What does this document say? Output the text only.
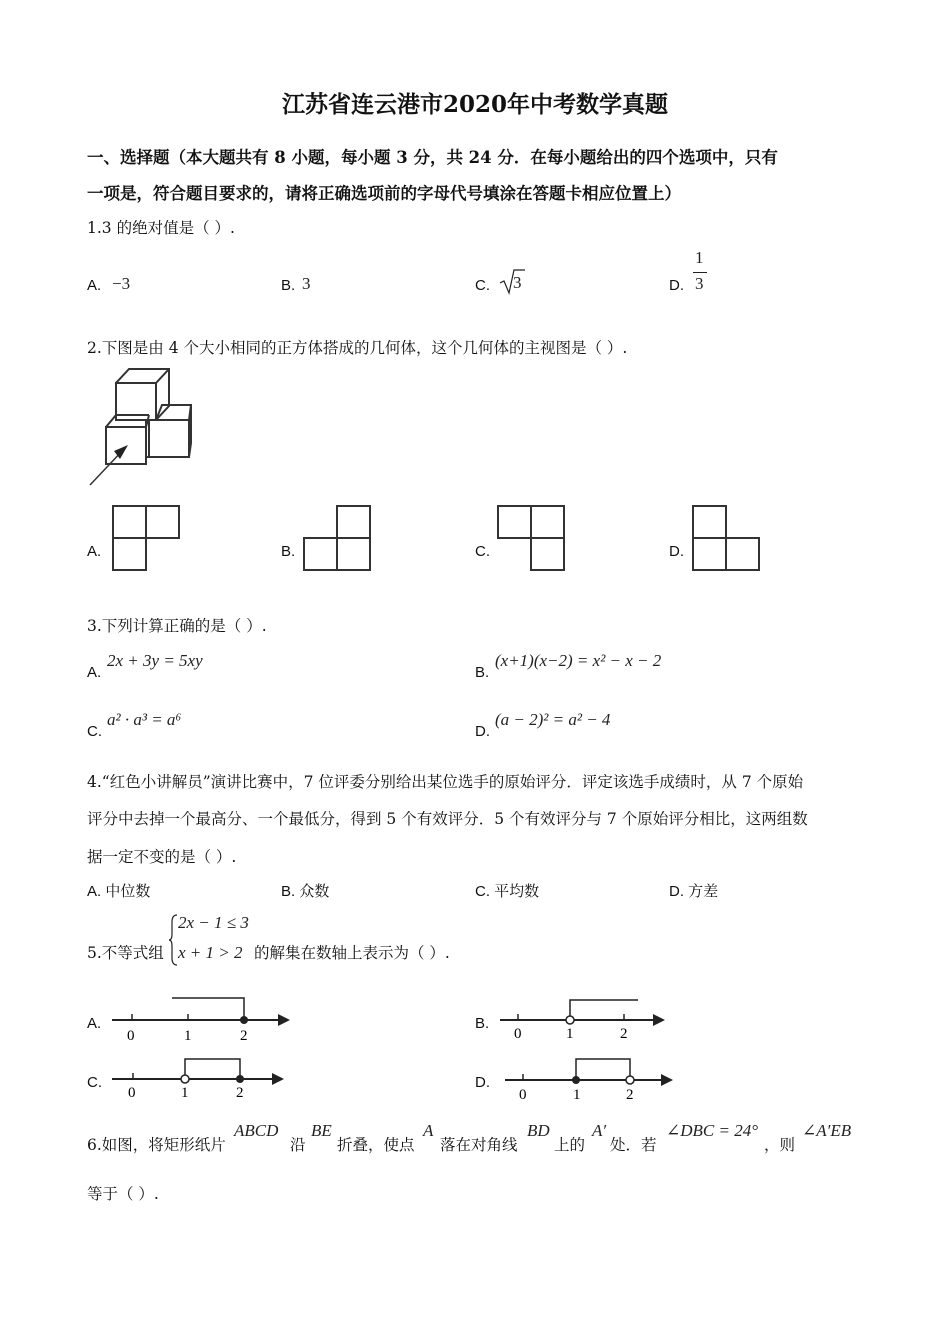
江苏省连云港市2020年中考数学真题
一、选择题（本大题共有 8 小题，每小题 3 分，共 24 分．在每小题给出的四个选项中，只有
一项是，符合题目要求的，请将正确选项前的字母代号填涂在答题卡相应位置上）
1.3 的绝对值是（ ）.
A. −3	B. 3	C. 3	D.
1
3
2.下图是由 4 个大小相同的正方体搭成的几何体，这个几何体的主视图是（ ）.
A.	B.	C.	D.
3.下列计算正确的是（ ）.
A.
2x + 3y = 5xy
B.
(x+1)(x−2) = x² − x − 2
C.
a² · a³ = a⁶
D.
(a − 2)² = a² − 4
4.“红色小讲解员”演讲比赛中，7 位评委分别给出某位选手的原始评分．评定该选手成绩时，从 7 个原始
评分中去掉一个最高分、一个最低分，得到 5 个有效评分．5 个有效评分与 7 个原始评分相比，这两组数
据一定不变的是（ ）.
A. 中位数	B. 众数	C. 平均数	D. 方差
5.不等式组
2x − 1 ≤ 3
x + 1 > 2 的解集在数轴上表示为（ ）.
A.
0	1	2
B.
0	1	2
C.
0	1	2
D.
0	1	2
6.如图，将矩形纸片
ABCD
沿
BE
折叠，使点
A
落在对角线
BD
上的
A′
处．若
∠DBC = 24°
，则
∠A′EB
等于（ ）.
